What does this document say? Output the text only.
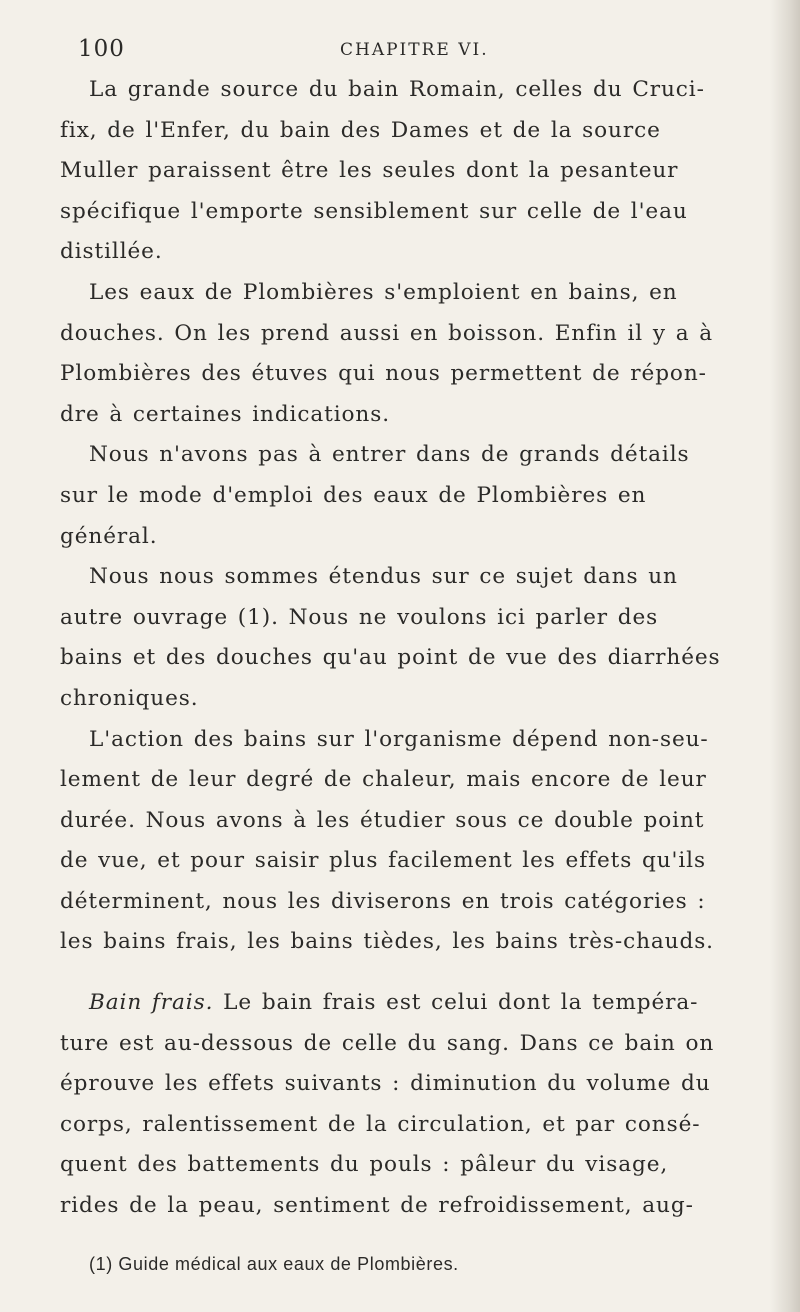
100	CHAPITRE VI.
La grande source du bain Romain, celles du Cruci-
fix, de l'Enfer, du bain des Dames et de la source
Muller paraissent être les seules dont la pesanteur
spécifique l'emporte sensiblement sur celle de l'eau
distillée.
Les eaux de Plombières s'emploient en bains, en
douches. On les prend aussi en boisson. Enfin il y a à
Plombières des étuves qui nous permettent de répon-
dre à certaines indications.
Nous n'avons pas à entrer dans de grands détails
sur le mode d'emploi des eaux de Plombières en
général.
Nous nous sommes étendus sur ce sujet dans un
autre ouvrage (1). Nous ne voulons ici parler des
bains et des douches qu'au point de vue des diarrhées
chroniques.
L'action des bains sur l'organisme dépend non-seu-
lement de leur degré de chaleur, mais encore de leur
durée. Nous avons à les étudier sous ce double point
de vue, et pour saisir plus facilement les effets qu'ils
déterminent, nous les diviserons en trois catégories :
les bains frais, les bains tièdes, les bains très-chauds.
Bain frais. Le bain frais est celui dont la tempéra-
ture est au-dessous de celle du sang. Dans ce bain on
éprouve les effets suivants : diminution du volume du
corps, ralentissement de la circulation, et par consé-
quent des battements du pouls : pâleur du visage,
rides de la peau, sentiment de refroidissement, aug-
(1) Guide médical aux eaux de Plombières.
